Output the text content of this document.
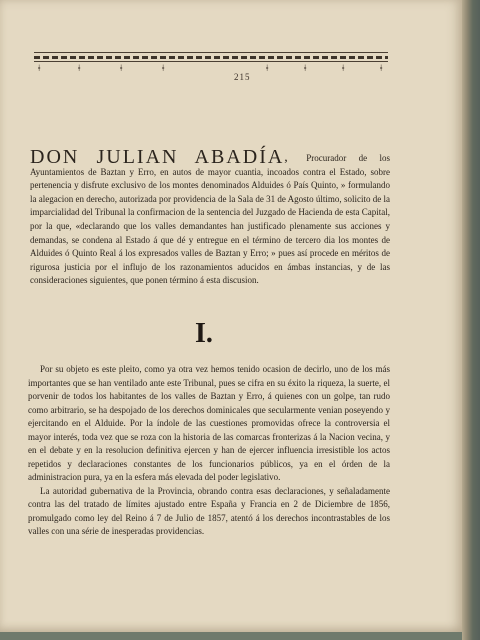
ǂ	ǂ	ǂ	ǂ	ǂ	ǂ	ǂ	ǂ
215
DON JULIAN ABADÍA, Procurador de los Ayuntamientos de Baztan y Erro, en autos de mayor cuantia, incoados contra el Estado, sobre pertenencia y disfrute exclusivo de los montes denominados Alduides ó País Quinto, » formulando la alegacion en derecho, autorizada por providencia de la Sala de 31 de Agosto último, solicito de la imparcialidad del Tribunal la confirmacion de la sentencia del Juzgado de Hacienda de esta Capital, por la que, «declarando que los valles demandantes han justificado plenamente sus acciones y demandas, se condena al Estado á que dé y entregue en el término de tercero dia los montes de Alduides ó Quinto Real á los expresados valles de Baztan y Erro; » pues así procede en méritos de rigurosa justicia por el influjo de los razonamientos aducidos en ámbas instancias, y de las consideraciones siguientes, que ponen término á esta discusion.
I.

Por su objeto es este pleito, como ya otra vez hemos tenido ocasion de decirlo, uno de los más importantes que se han ventilado ante este Tribunal, pues se cifra en su éxito la riqueza, la suerte, el porvenir de todos los habitantes de los valles de Baztan y Erro, á quienes con un golpe, tan rudo como arbitrario, se ha despojado de los derechos dominicales que secularmente venian poseyendo y ejercitando en el Alduide. Por la índole de las cuestiones promovidas ofrece la controversia el mayor interés, toda vez que se roza con la historia de las comarcas fronterizas á la Nacion vecina, y en el debate y en la resolucion definitiva ejercen y han de ejercer influencia irresistible los actos repetidos y declaraciones constantes de los funcionarios públicos, ya en el órden de la administracion pura, ya en la esfera más elevada del poder legislativo.

La autoridad gubernativa de la Provincia, obrando contra esas declaraciones, y señaladamente contra las del tratado de límites ajustado entre España y Francia en 2 de Diciembre de 1856, promulgado como ley del Reino á 7 de Julio de 1857, atentó á los derechos incontrastables de los valles con una série de inesperadas providencias.
